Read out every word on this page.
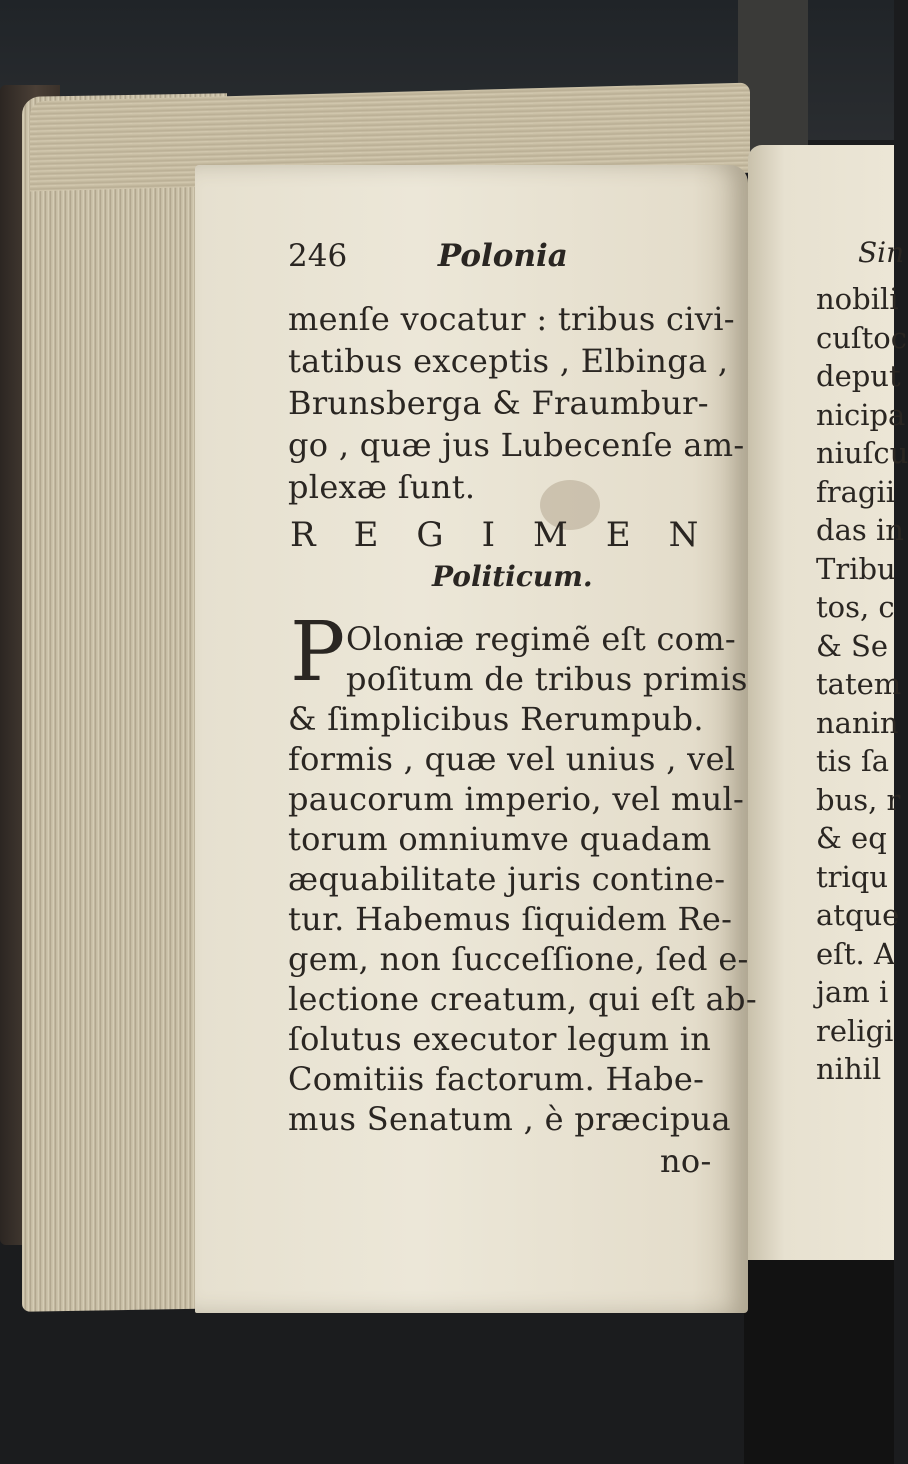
246	Polonia
menſe vocatur : tribus civi-
tatibus exceptis , Elbinga ,
Brunsberga & Fraumbur-
go , quæ jus Lubecenſe am-
plexæ ſunt.
REGIMEN
Politicum.
P Oloniæ regimẽ eſt com-
poſitum de tribus primis
& ſimplicibus Rerumpub.
formis , quæ vel unius , vel
paucorum imperio, vel mul-
torum omniumve quadam
æquabilitate juris contine-
tur. Habemus ſiquidem Re-
gem, non ſucceſſione, ſed e-
lectione creatum, qui eſt ab-
ſolutus executor legum in
Comitiis factorum. Habe-
mus Senatum , è præcipua
no-
Sin
nobili
cuſtoc
deput
nicipa
niuſcu
fragii
das in
Tribu
tos, c
& Se
tatem
nanin
tis ſa
bus, r
& eq
triqu
atque
eſt. A
jam i
religi
nihil
